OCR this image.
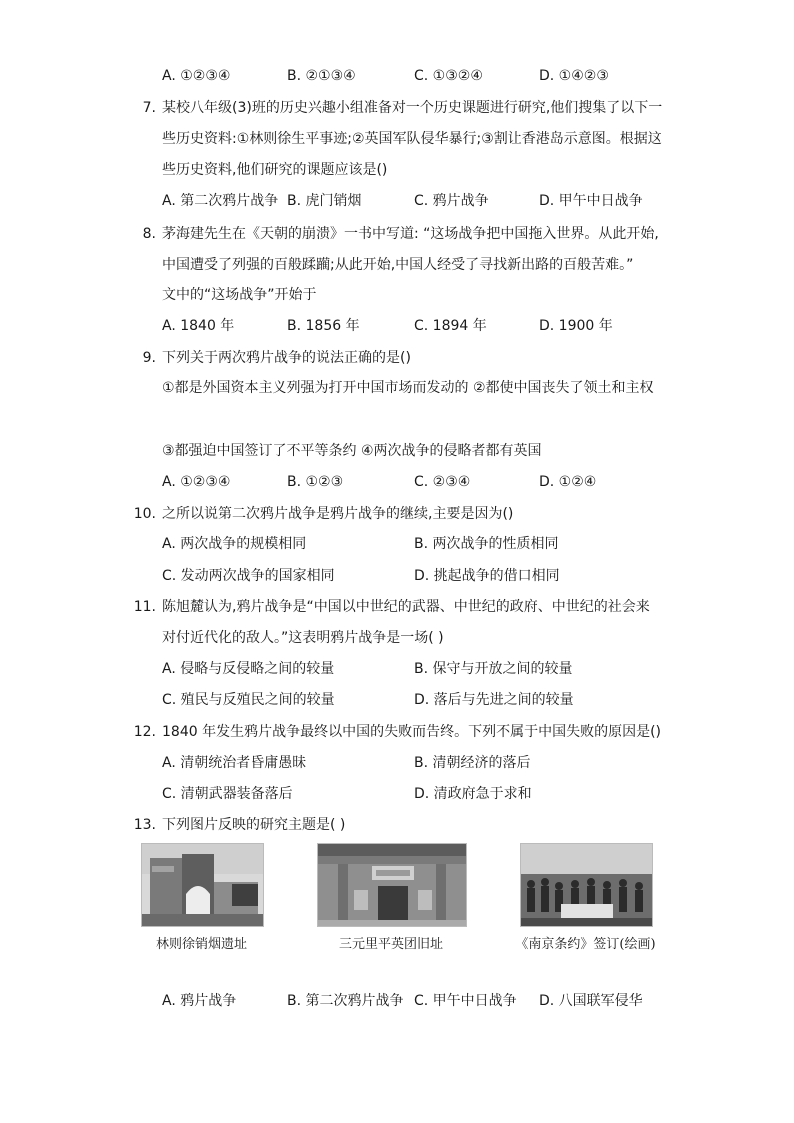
A. ①②③④	B. ②①③④	C. ①③②④	D. ①④②③
7. 某校八年级(3)班的历史兴趣小组准备对一个历史课题进行研究,他们搜集了以下一
些历史资料:①林则徐生平事迹;②英国军队侵华暴行;③割让香港岛示意图。根据这
些历史资料,他们研究的课题应该是()
A. 第二次鸦片战争 B. 虎门销烟	C. 鸦片战争	D. 甲午中日战争
8. 茅海建先生在《天朝的崩溃》一书中写道: “这场战争把中国拖入世界。从此开始,
中国遭受了列强的百般蹂躏;从此开始,中国人经受了寻找新出路的百般苦难。”
文中的“这场战争”开始于
A. 1840 年	B. 1856 年	C. 1894 年	D. 1900 年
9. 下列关于两次鸦片战争的说法正确的是()
①都是外国资本主义列强为打开中国市场而发动的 ②都使中国丧失了领土和主权
③都强迫中国签订了不平等条约 ④两次战争的侵略者都有英国
A. ①②③④	B. ①②③	C. ②③④	D. ①②④
10. 之所以说第二次鸦片战争是鸦片战争的继续,主要是因为()
A. 两次战争的规模相同	B. 两次战争的性质相同
C. 发动两次战争的国家相同	D. 挑起战争的借口相同
11. 陈旭麓认为,鸦片战争是“中国以中世纪的武器、中世纪的政府、中世纪的社会来
对付近代化的敌人。”这表明鸦片战争是一场( )
A. 侵略与反侵略之间的较量	B. 保守与开放之间的较量
C. 殖民与反殖民之间的较量	D. 落后与先进之间的较量
12. 1840 年发生鸦片战争最终以中国的失败而告终。下列不属于中国失败的原因是()
A. 清朝统治者昏庸愚昧	B. 清朝经济的落后
C. 清朝武器装备落后	D. 清政府急于求和
13. 下列图片反映的研究主题是( )
林则徐销烟遗址	三元里平英团旧址	《南京条约》签订(绘画)
A. 鸦片战争	B. 第二次鸦片战争 C. 甲午中日战争 D. 八国联军侵华
